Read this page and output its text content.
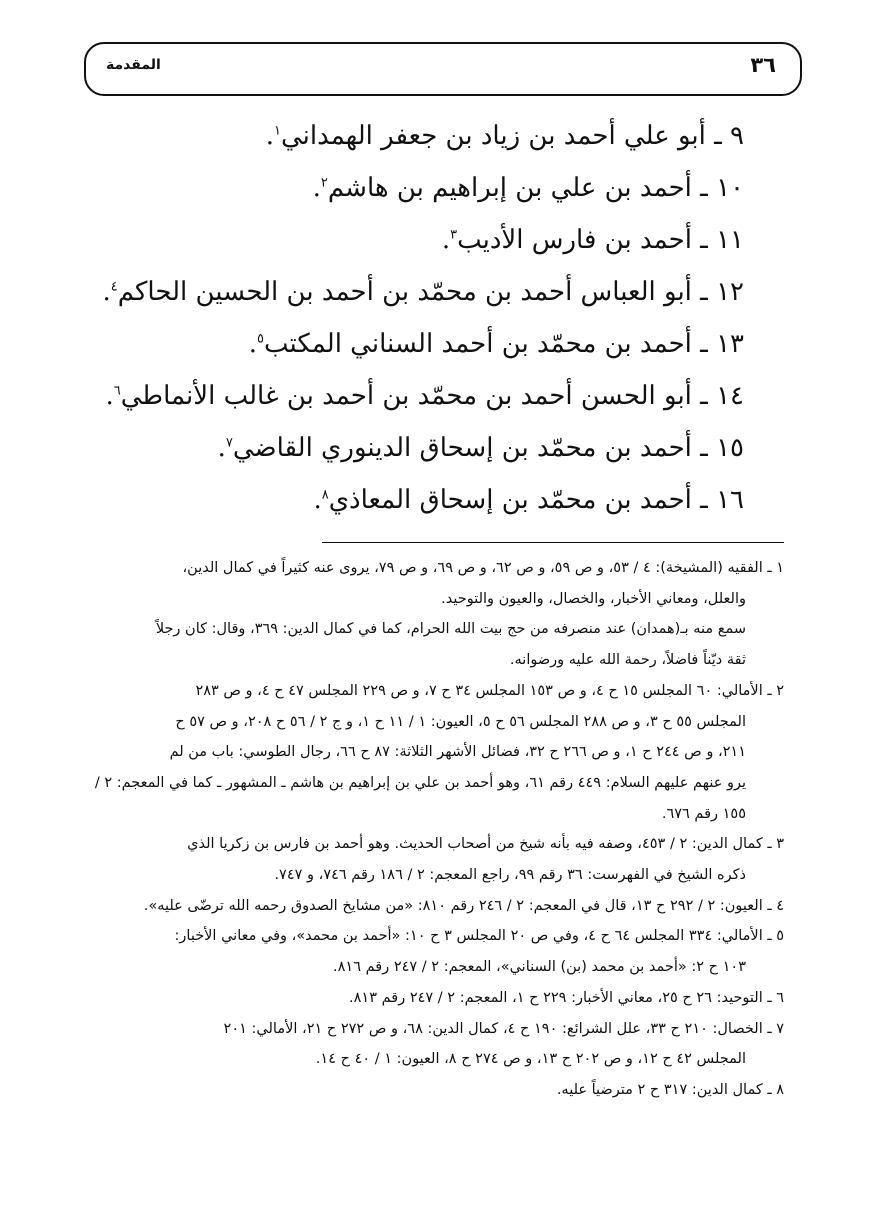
٣٦
المقدمة
٩ ـ أبو علي أحمد بن زياد بن جعفر الهمداني$^١$.
١٠ ـ أحمد بن علي بن إبراهيم بن هاشم$^٢$.
١١ ـ أحمد بن فارس الأديب$^٣$.
١٢ ـ أبو العباس أحمد بن محمّد بن أحمد بن الحسين الحاكم$^٤$.
١٣ ـ أحمد بن محمّد بن أحمد السناني المكتب$^٥$.
١٤ ـ أبو الحسن أحمد بن محمّد بن أحمد بن غالب الأنماطي$^٦$.
١٥ ـ أحمد بن محمّد بن إسحاق الدينوري القاضي$^٧$.
١٦ ـ أحمد بن محمّد بن إسحاق المعاذي$^٨$.
١ ـ الفقيه (المشيخة): ٤ / ٥٣، و ص ٥٩، و ص ٦٢، و ص ٦٩، و ص ٧٩، يروى عنه كثيراً في كمال الدين،
والعلل، ومعاني الأخبار، والخصال، والعيون والتوحيد.
سمع منه بـ(همدان) عند منصرفه من حج بيت الله الحرام، كما في كمال الدين: ٣٦٩، وقال: كان رجلاً
ثقة ديّناً فاضلاً، رحمة الله عليه ورضوانه.
٢ ـ الأمالي: ٦٠ المجلس ١٥ ح ٤، و ص ١٥٣ المجلس ٣٤ ح ٧، و ص ٢٢٩ المجلس ٤٧ ح ٤، و ص ٢٨٣
المجلس ٥٥ ح ٣، و ص ٢٨٨ المجلس ٥٦ ح ٥، العيون: ١ / ١١ ح ١، و ج ٢ / ٥٦ ح ٢٠٨، و ص ٥٧ ح
٢١١، و ص ٢٤٤ ح ١، و ص ٢٦٦ ح ٣٢، فضائل الأشهر الثلاثة: ٨٧ ح ٦٦، رجال الطوسي: باب من لم
يرو عنهم عليهم السلام: ٤٤٩ رقم ٦١، وهو أحمد بن علي بن إبراهيم بن هاشم ـ المشهور ـ كما في المعجم: ٢ /
١٥٥ رقم ٦٧٦.
٣ ـ كمال الدين: ٢ / ٤٥٣، وصفه فيه بأنه شيخ من أصحاب الحديث. وهو أحمد بن فارس بن زكريا الذي
ذكره الشيخ في الفهرست: ٣٦ رقم ٩٩، راجع المعجم: ٢ / ١٨٦ رقم ٧٤٦، و ٧٤٧.
٤ ـ العيون: ٢ / ٢٩٢ ح ١٣، قال في المعجم: ٢ / ٢٤٦ رقم ٨١٠: «من مشايخ الصدوق رحمه الله ترضّى عليه».
٥ ـ الأمالي: ٣٣٤ المجلس ٦٤ ح ٤، وفي ص ٢٠ المجلس ٣ ح ١٠: «أحمد بن محمد»، وفي معاني الأخبار:
١٠٣ ح ٢: «أحمد بن محمد (بن) السناني»، المعجم: ٢ / ٢٤٧ رقم ٨١٦.
٦ ـ التوحيد: ٢٦ ح ٢٥، معاني الأخبار: ٢٢٩ ح ١، المعجم: ٢ / ٢٤٧ رقم ٨١٣.
٧ ـ الخصال: ٢١٠ ح ٣٣، علل الشرائع: ١٩٠ ح ٤، كمال الدين: ٦٨، و ص ٢٧٢ ح ٢١، الأمالي: ٢٠١
المجلس ٤٢ ح ١٢، و ص ٢٠٢ ح ١٣، و ص ٢٧٤ ح ٨، العيون: ١ / ٤٠ ح ١٤.
٨ ـ كمال الدين: ٣١٧ ح ٢ مترضياً عليه.
